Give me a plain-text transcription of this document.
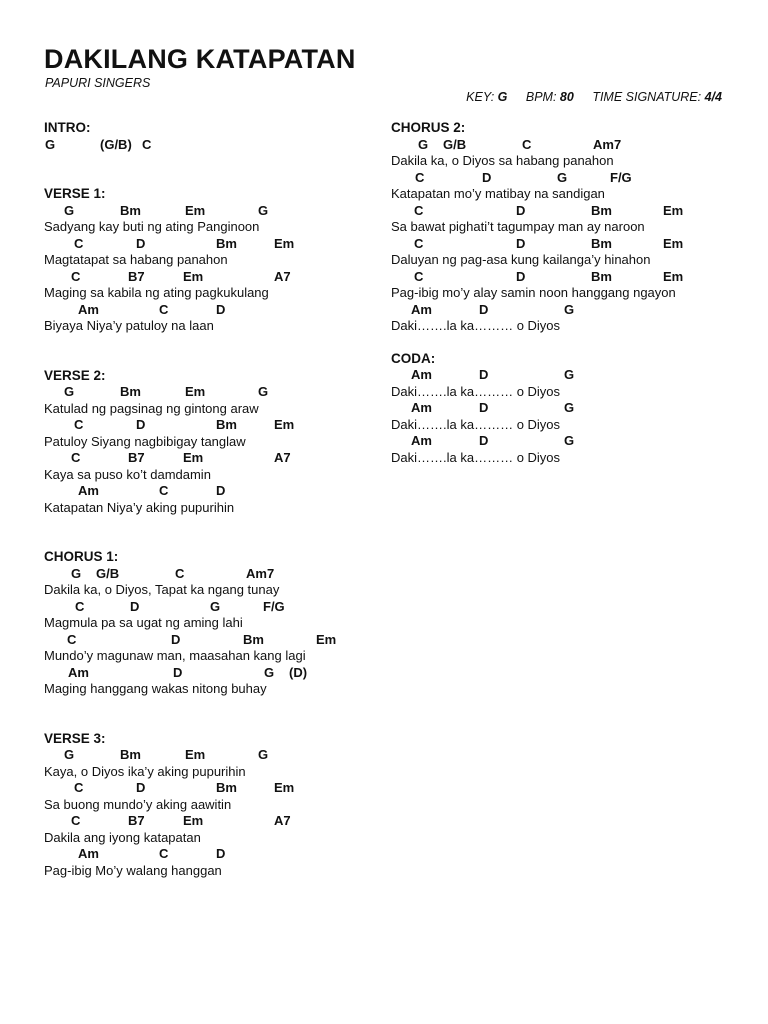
DAKILANG KATAPATAN
PAPURI SINGERS
KEY: G BPM: 80 TIME SIGNATURE: 4/4
INTRO:
G	(G/B) C
VERSE 1:
G	Bm	Em	G
Sadyang kay buti ng ating Panginoon
C	D	Bm	Em
Magtatapat sa habang panahon
C	B7	Em	A7
Maging sa kabila ng ating pagkukulang
Am	C	D
Biyaya Niya’y patuloy na laan
VERSE 2:
G	Bm	Em	G
Katulad ng pagsinag ng gintong araw
C	D	Bm	Em
Patuloy Siyang nagbibigay tanglaw
C	B7	Em	A7
Kaya sa puso ko’t damdamin
Am	C	D
Katapatan Niya’y aking pupurihin
CHORUS 1:
G G/B	C	Am7
Dakila ka, o Diyos, Tapat ka ngang tunay
C	D	G	F/G
Magmula pa sa ugat ng aming lahi
C	D	Bm	Em
Mundo’y magunaw man, maasahan kang lagi
Am	D	G (D)
Maging hanggang wakas nitong buhay
VERSE 3:
G	Bm	Em	G
Kaya, o Diyos ika’y aking pupurihin
C	D	Bm	Em
Sa buong mundo’y aking aawitin
C	B7	Em	A7
Dakila ang iyong katapatan
Am	C	D
Pag-ibig Mo’y walang hanggan
CHORUS 2:
G G/B	C	Am7
Dakila ka, o Diyos sa habang panahon
C	D	G	F/G
Katapatan mo’y matibay na sandigan
C	D	Bm	Em
Sa bawat pighati’t tagumpay man ay naroon
C	D	Bm	Em
Daluyan ng pag-asa kung kailanga’y hinahon
C	D	Bm	Em
Pag-ibig mo’y alay samin noon hanggang ngayon
Am	D	G
Daki…….la ka……… o Diyos
CODA:
Am	D	G
Daki…….la ka……… o Diyos
Am	D	G
Daki…….la ka……… o Diyos
Am	D	G
Daki…….la ka……… o Diyos
